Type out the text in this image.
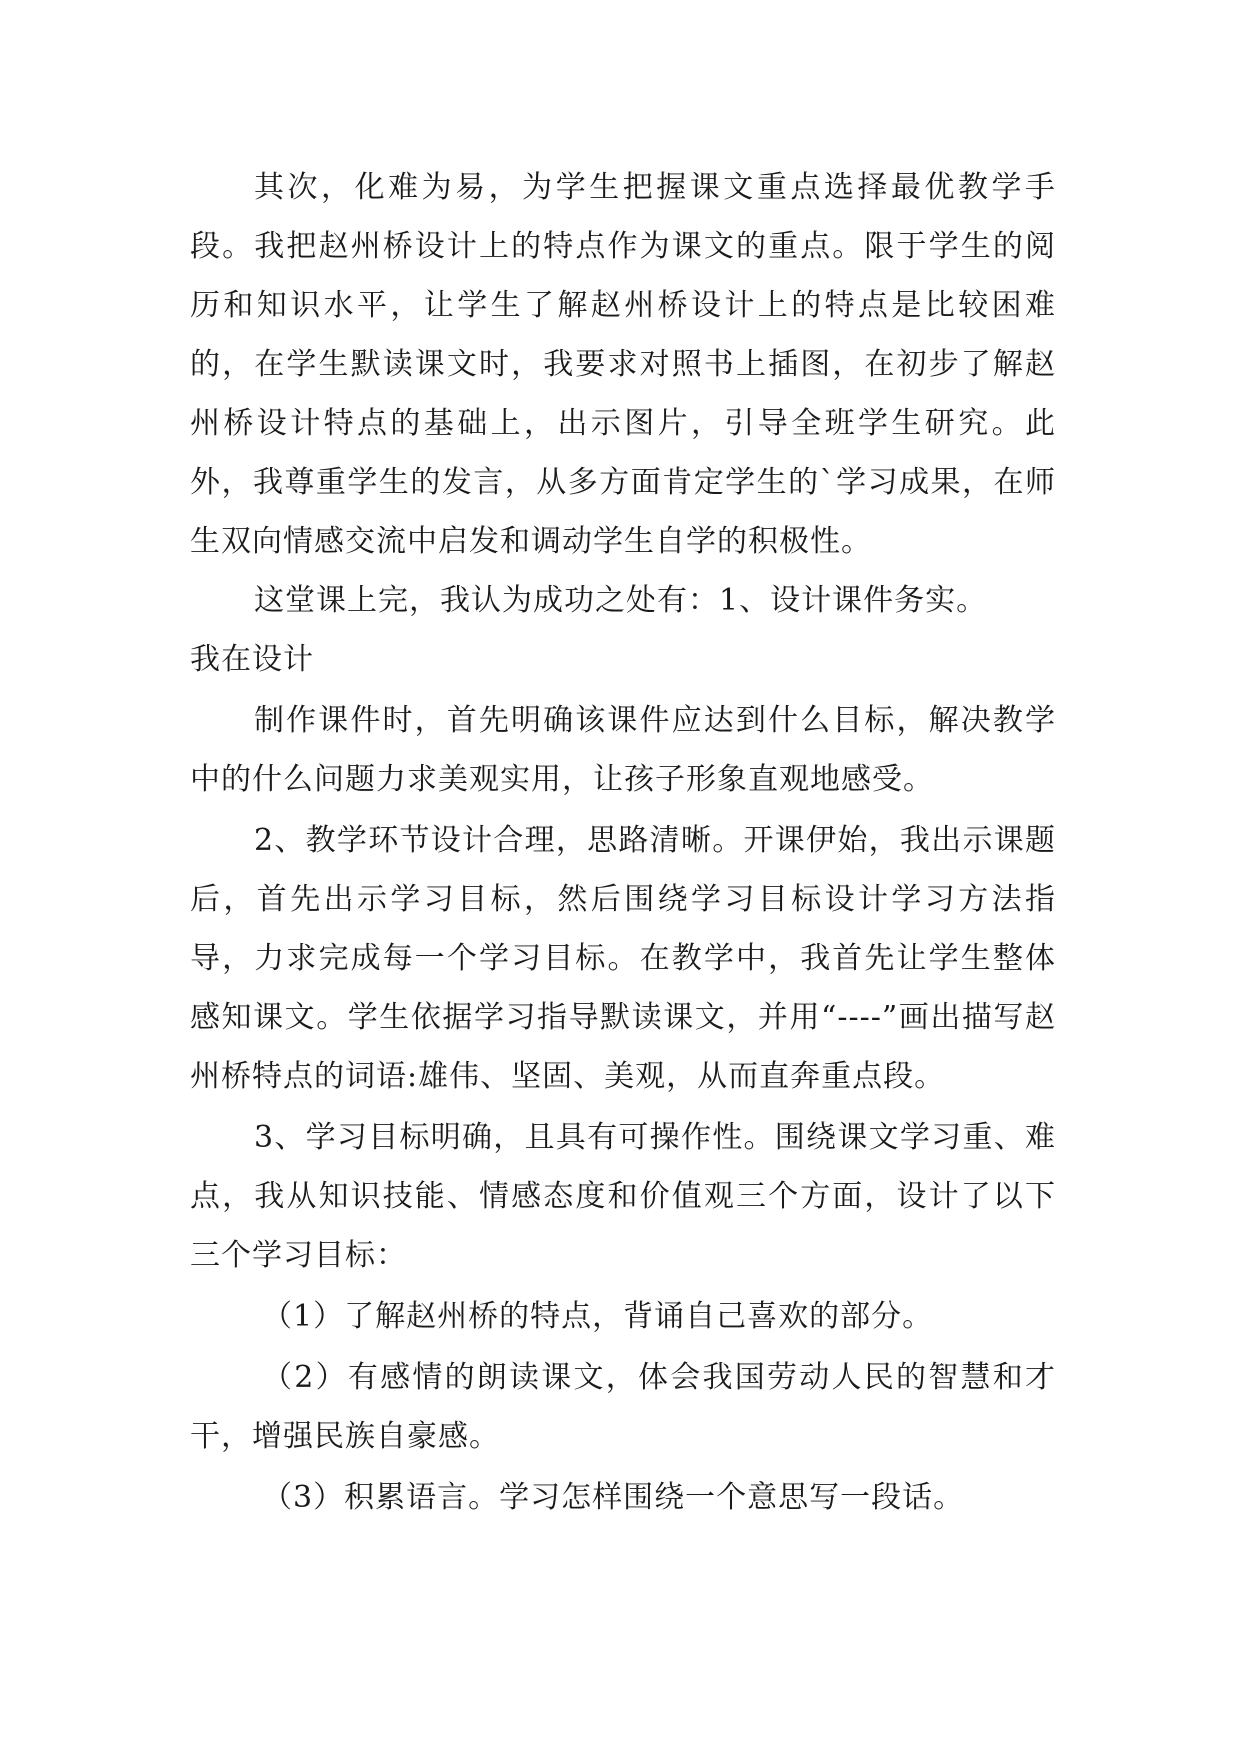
其次，化难为易，为学生把握课文重点选择最优教学手段。我把赵州桥设计上的特点作为课文的重点。限于学生的阅历和知识水平，让学生了解赵州桥设计上的特点是比较困难的，在学生默读课文时，我要求对照书上插图，在初步了解赵州桥设计特点的基础上，出示图片，引导全班学生研究。此外，我尊重学生的发言，从多方面肯定学生的`学习成果，在师生双向情感交流中启发和调动学生自学的积极性。

这堂课上完，我认为成功之处有：1、设计课件务实。

我在设计

制作课件时，首先明确该课件应达到什么目标，解决教学中的什么问题力求美观实用，让孩子形象直观地感受。

2、教学环节设计合理，思路清晰。开课伊始，我出示课题后，首先出示学习目标，然后围绕学习目标设计学习方法指导，力求完成每一个学习目标。在教学中，我首先让学生整体感知课文。学生依据学习指导默读课文，并用“----”画出描写赵州桥特点的词语:雄伟、坚固、美观，从而直奔重点段。

3、学习目标明确，且具有可操作性。围绕课文学习重、难点，我从知识技能、情感态度和价值观三个方面，设计了以下三个学习目标：

（1）了解赵州桥的特点，背诵自己喜欢的部分。

（2）有感情的朗读课文，体会我国劳动人民的智慧和才干，增强民族自豪感。

（3）积累语言。学习怎样围绕一个意思写一段话。
